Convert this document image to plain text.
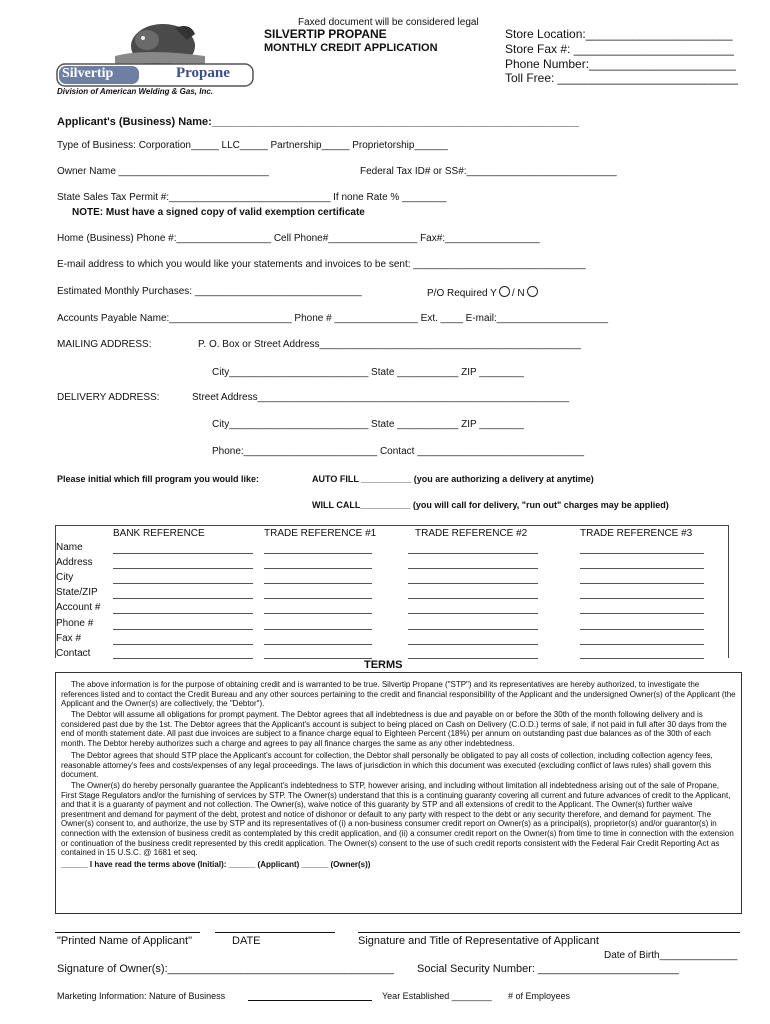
Faxed document will be considered legal
Silvertip	Propane
SILVERTIP PROPANE
MONTHLY CREDIT APPLICATION
Store Location:______________________
Store Fax #: ________________________
Phone Number:______________________
Toll Free: ___________________________
Division of American Welding & Gas, Inc.
Applicant's (Business) Name:____________________________________________________________
Type of Business: Corporation_____ LLC_____ Partnership_____ Proprietorship______
Owner Name ___________________________	Federal Tax ID# or SS#:___________________________
State Sales Tax Permit #:_____________________________ If none Rate % ________
NOTE: Must have a signed copy of valid exemption certificate
Home (Business) Phone #:_________________ Cell Phone#________________ Fax#:_________________
E-mail address to which you would like your statements and invoices to be sent: _______________________________
Estimated Monthly Purchases: ______________________________	P/O Required Y / N
Accounts Payable Name:______________________ Phone # _______________ Ext. ____ E-mail:____________________
MAILING ADDRESS:	P. O. Box or Street Address_______________________________________________
City_________________________ State ___________ ZIP ________
DELIVERY ADDRESS:	Street Address________________________________________________________
City_________________________ State ___________ ZIP ________
Phone:________________________ Contact ______________________________
Please initial which fill program you would like:	AUTO FILL __________ (you are authorizing a delivery at anytime)
WILL CALL__________ (you will call for delivery, "run out" charges may be applied)
BANK REFERENCE	TRADE REFERENCE #1	TRADE REFERENCE #2	TRADE REFERENCE #3
Name
Address
City
State/ZIP
Account #
Phone #
Fax #
Contact
TERMS
The above information is for the purpose of obtaining credit and is warranted to be true. Silvertip Propane ("STP") and its representatives are hereby authorized, to investigate the references listed and to contact the Credit Bureau and any other sources pertaining to the credit and financial responsibility of the Applicant and the undersigned Owner(s) of the Applicant (the Applicant and the Owner(s) are collectively, the "Debtor").
The Debtor will assume all obligations for prompt payment. The Debtor agrees that all indebtedness is due and payable on or before the 30th of the month following delivery and is considered past due by the 1st. The Debtor agrees that the Applicant's account is subject to being placed on Cash on Delivery (C.O.D.) terms of sale, if not paid in full after 30 days from the end of month statement date. All past due invoices are subject to a finance charge equal to Eighteen Percent (18%) per annum on outstanding past due balances as of the 30th of each month. The Debtor hereby authorizes such a charge and agrees to pay all finance charges the same as any other indebtedness.
The Debtor agrees that should STP place the Applicant's account for collection, the Debtor shall personally be obligated to pay all costs of collection, including collection agency fees, reasonable attorney's fees and costs/expenses of any legal proceedings. The laws of jurisdiction in which this document was executed (excluding conflict of laws rules) shall govern this document.
The Owner(s) do hereby personally guarantee the Applicant's indebtedness to STP, however arising, and including without limitation all indebtedness arising out of the sale of Propane, First Stage Regulators and/or the furnishing of services by STP. The Owner(s) understand that this is a continuing guaranty covering all current and future advances of credit to the Applicant, and that it is a guaranty of payment and not collection. The Owner(s), waive notice of this guaranty by STP and all extensions of credit to the Applicant. The Owner(s) further waive presentment and demand for payment of the debt, protest and notice of dishonor or default to any party with respect to the debt or any security therefore, and demand for payment. The Owner(s) consent to, and authorize, the use by STP and its representatives of (i) a non-business consumer credit report on Owner(s) as a principal(s), proprietor(s) and/or guarantor(s) in connection with the extension of business credit as contemplated by this credit application, and (ii) a consumer credit report on the Owner(s) from time to time in connection with the extension or continuation of the business credit represented by this credit application. The Owner(s) consent to the use of such credit reports consistent with the Federal Fair Credit Reporting Act as contained in 15 U.S.C. @ 1681 et seq.
______ I have read the terms above (Initial): ______ (Applicant) ______ (Owner(s))
"Printed Name of Applicant"	DATE	Signature and Title of Representative of Applicant
Date of Birth______________
Signature of Owner(s):_____________________________________ Social Security Number: _______________________
Marketing Information: Nature of Business	Year Established ________ # of Employees
